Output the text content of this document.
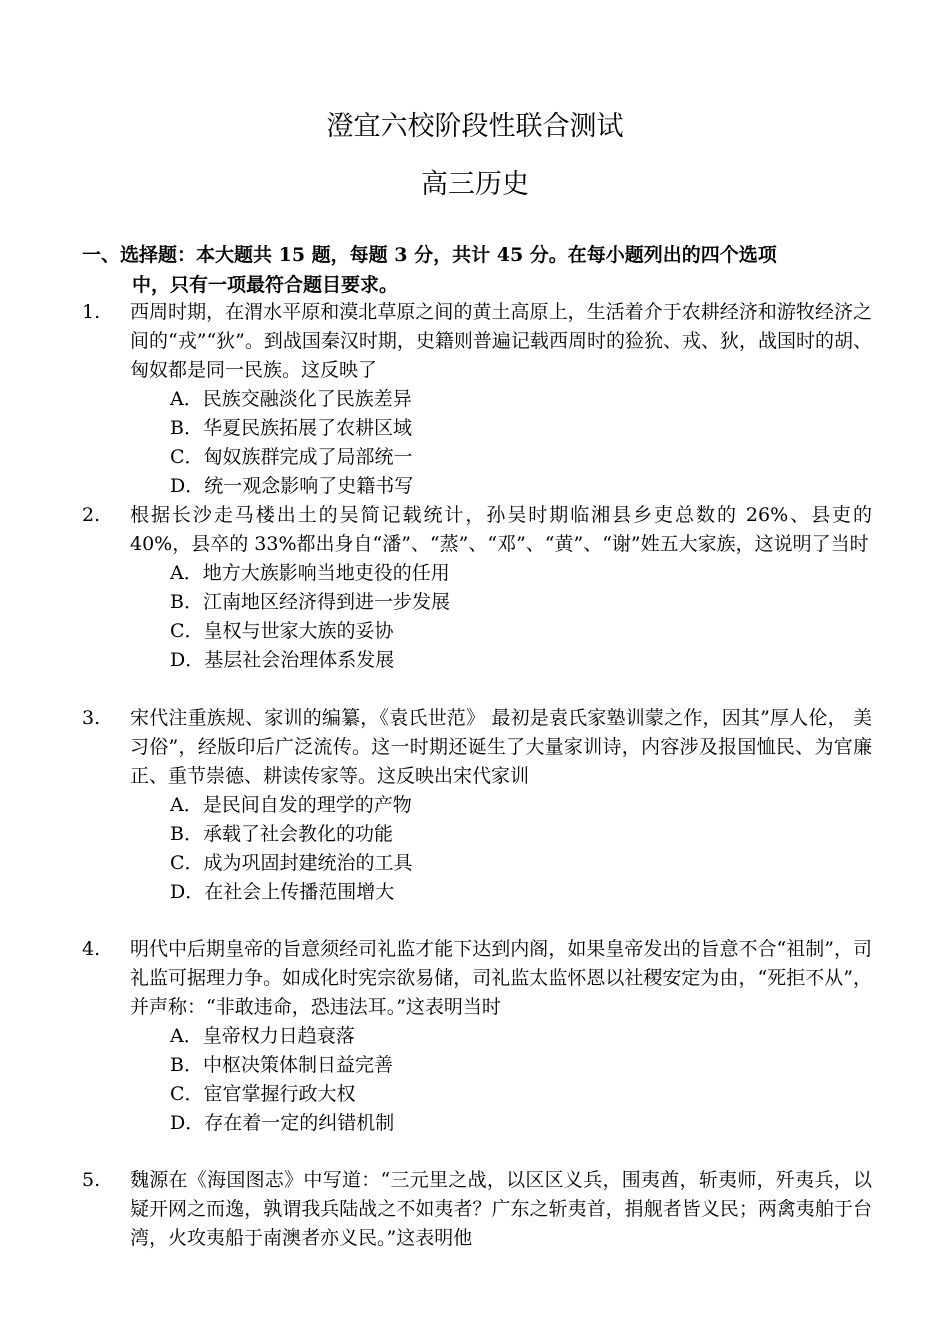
澄宜六校阶段性联合测试
高三历史
一、选择题：本大题共 15 题，每题 3 分，共计 45 分。在每小题列出的四个选项
中，只有一项最符合题目要求。
1. 西周时期，在渭水平原和漠北草原之间的黄土高原上，生活着介于农耕经济和游牧经济之间的“戎”“狄”。到战国秦汉时期，史籍则普遍记载西周时的猃狁、戎、狄，战国时的胡、匈奴都是同一民族。这反映了
A．民族交融淡化了民族差异
B．华夏民族拓展了农耕区域
C．匈奴族群完成了局部统一
D．统一观念影响了史籍书写
2. 根据长沙走马楼出土的吴简记载统计，孙吴时期临湘县乡吏总数的 26%、县吏的 40%，县卒的 33%都出身自“潘”、“蒸”、“邓”、“黄”、“谢”姓五大家族，这说明了当时
A．地方大族影响当地吏役的任用
B．江南地区经济得到进一步发展
C．皇权与世家大族的妥协
D．基层社会治理体系发展
3. 宋代注重族规、家训的编纂，《袁氏世范》 最初是袁氏家塾训蒙之作，因其”厚人伦， 美习俗”，经版印后广泛流传。这一时期还诞生了大量家训诗，内容涉及报国恤民、为官廉正、重节崇德、耕读传家等。这反映出宋代家训
A．是民间自发的理学的产物
B．承载了社会教化的功能
C．成为巩固封建统治的工具
D．在社会上传播范围增大
4. 明代中后期皇帝的旨意须经司礼监才能下达到内阁，如果皇帝发出的旨意不合“祖制”，司礼监可据理力争。如成化时宪宗欲易储，司礼监太监怀恩以社稷安定为由，“死拒不从”，并声称：“非敢违命，恐违法耳。”这表明当时
A．皇帝权力日趋衰落
B．中枢决策体制日益完善
C．宦官掌握行政大权
D．存在着一定的纠错机制
5. 魏源在《海国图志》中写道：“三元里之战，以区区义兵，围夷酋，斩夷师，歼夷兵，以疑开网之而逸，孰谓我兵陆战之不如夷者？广东之斩夷首，捐舰者皆义民；两禽夷舶于台湾，火攻夷船于南澳者亦义民。”这表明他
